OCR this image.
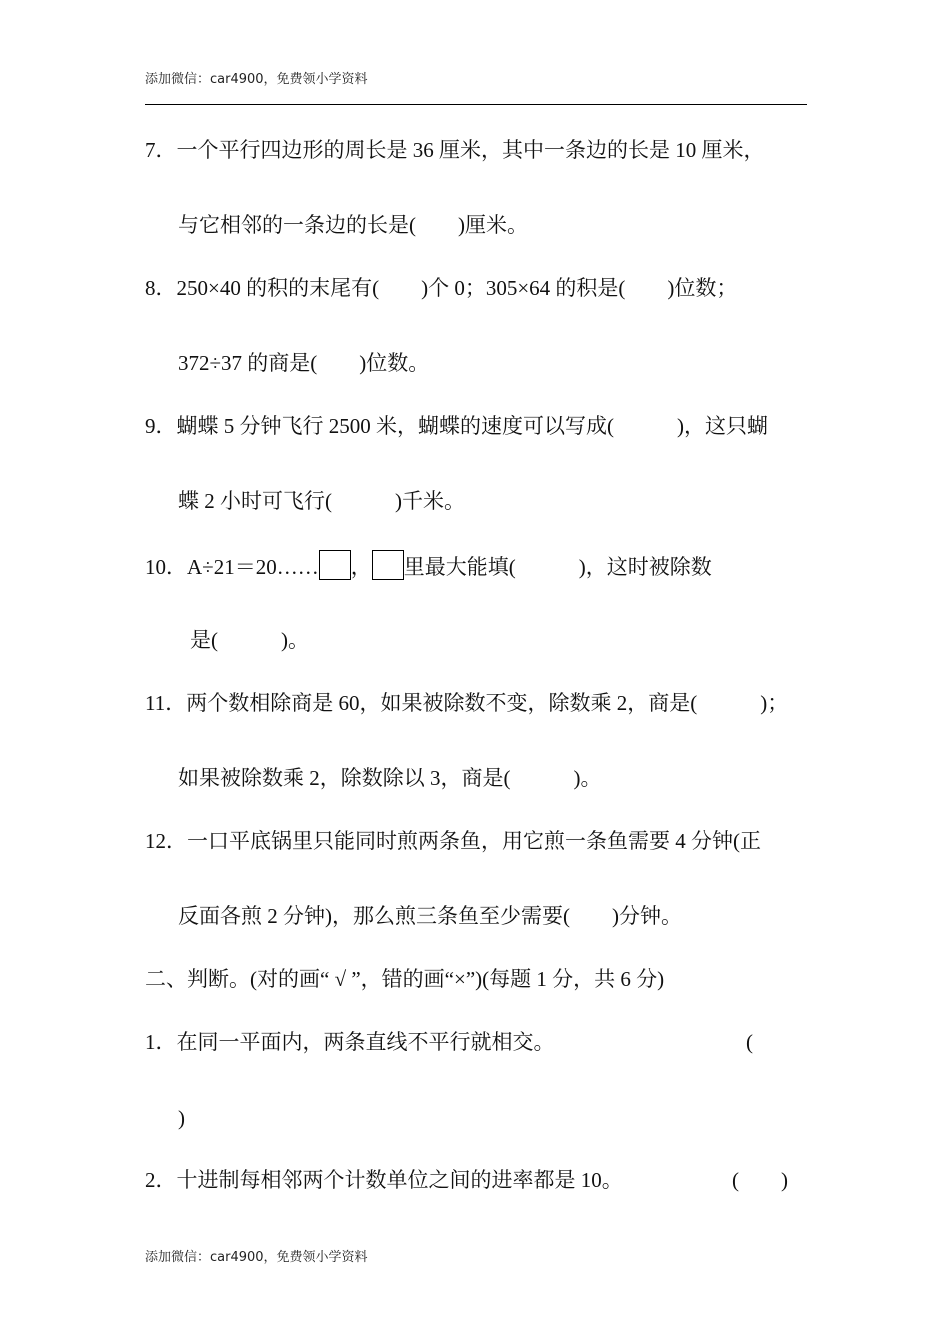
添加微信：car4900，免费领小学资料
7．一个平行四边形的周长是 36 厘米，其中一条边的长是 10 厘米，
与它相邻的一条边的长是(　　)厘米。
8．250×40 的积的末尾有(　　)个 0；305×64 的积是(　　)位数；
372÷37 的商是(　　)位数。
9．蝴蝶 5 分钟飞行 2500 米，蝴蝶的速度可以写成(　　　)，这只蝴
蝶 2 小时可飞行(　　　)千米。
10．A÷21＝20…… ， 里最大能填(　　　)，这时被除数
是(　　　)。
11．两个数相除商是 60，如果被除数不变，除数乘 2，商是(　　　)；
如果被除数乘 2，除数除以 3，商是(　　　)。
12．一口平底锅里只能同时煎两条鱼，用它煎一条鱼需要 4 分钟(正
反面各煎 2 分钟)，那么煎三条鱼至少需要(　　)分钟。
二、判断。(对的画“ √ ”，错的画“×”)(每题 1 分，共 6 分)
1．在同一平面内，两条直线不平行就相交。	(
)
2．十进制每相邻两个计数单位之间的进率都是 10。	(　　)
添加微信：car4900，免费领小学资料
